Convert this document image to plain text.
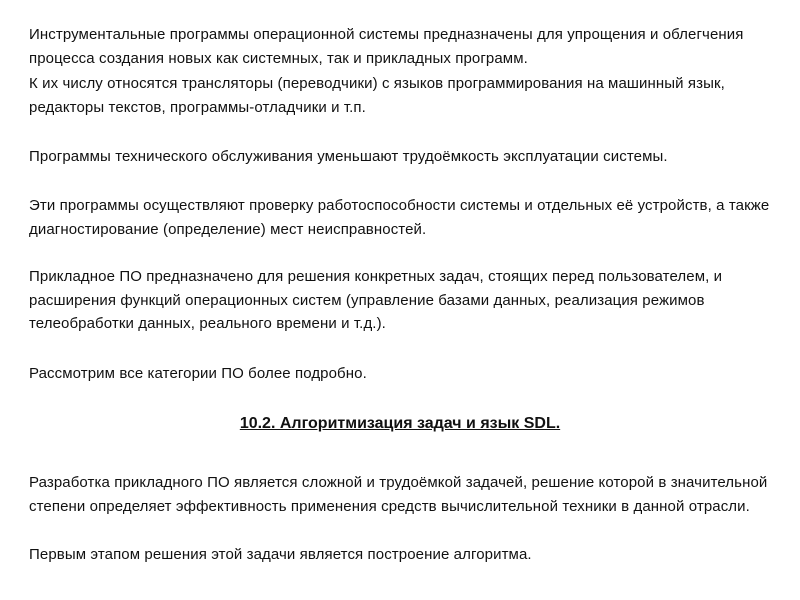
Инструментальные программы операционной системы предназначены для упрощения и облегчения процесса создания новых как системных, так и прикладных программ.

К их числу относятся трансляторы (переводчики) с языков программирования на машинный язык, редакторы текстов, программы-отладчики и т.п.

Программы технического обслуживания уменьшают трудоёмкость эксплуатации системы.

Эти программы осуществляют проверку работоспособности системы и отдельных её устройств, а также диагностирование (определение) мест неисправностей.

Прикладное ПО предназначено для решения конкретных задач, стоящих перед пользователем, и расширения функций операционных систем (управление базами данных, реализация режимов телеобработки данных, реального времени и т.д.).

Рассмотрим все категории ПО более подробно.

10.2. Алгоритмизация задач и язык SDL.

Разработка прикладного ПО является сложной и трудоёмкой задачей, решение которой в значительной степени определяет эффективность применения средств вычислительной техники в данной отрасли.

Первым этапом решения этой задачи является построение алгоритма.
